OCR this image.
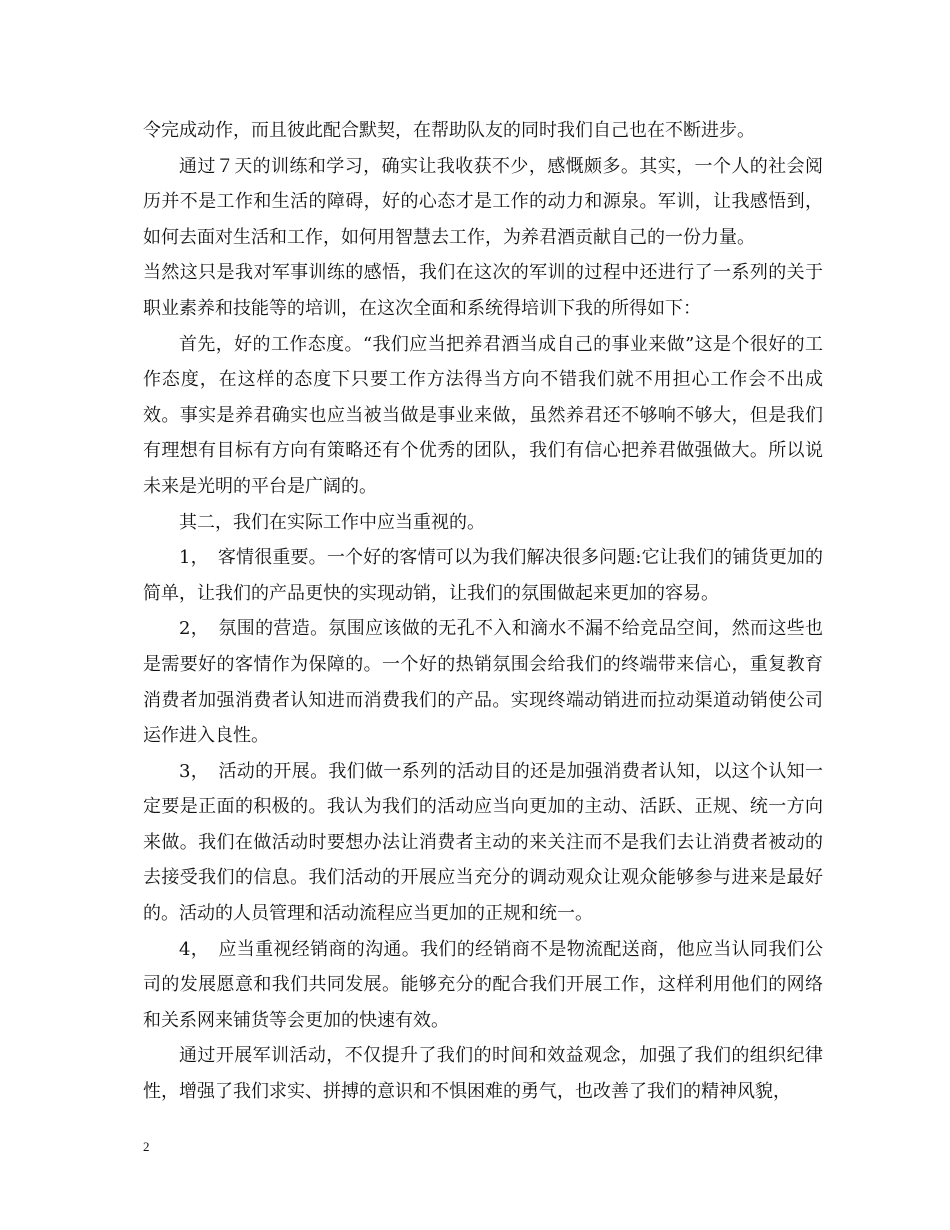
令完成动作，而且彼此配合默契，在帮助队友的同时我们自己也在不断进步。

通过７天的训练和学习，确实让我收获不少，感慨颇多。其实，一个人的社会阅历并不是工作和生活的障碍，好的心态才是工作的动力和源泉。军训，让我感悟到，如何去面对生活和工作，如何用智慧去工作，为养君酒贡献自己的一份力量。

当然这只是我对军事训练的感悟，我们在这次的军训的过程中还进行了一系列的关于职业素养和技能等的培训，在这次全面和系统得培训下我的所得如下：

首先，好的工作态度。“我们应当把养君酒当成自己的事业来做”这是个很好的工作态度，在这样的态度下只要工作方法得当方向不错我们就不用担心工作会不出成效。事实是养君确实也应当被当做是事业来做，虽然养君还不够响不够大，但是我们有理想有目标有方向有策略还有个优秀的团队，我们有信心把养君做强做大。所以说未来是光明的平台是广阔的。

其二，我们在实际工作中应当重视的。

1，　客情很重要。一个好的客情可以为我们解决很多问题:它让我们的铺货更加的简单，让我们的产品更快的实现动销，让我们的氛围做起来更加的容易。

2，　氛围的营造。氛围应该做的无孔不入和滴水不漏不给竞品空间，然而这些也是需要好的客情作为保障的。一个好的热销氛围会给我们的终端带来信心，重复教育消费者加强消费者认知进而消费我们的产品。实现终端动销进而拉动渠道动销使公司运作进入良性。

3，　活动的开展。我们做一系列的活动目的还是加强消费者认知，以这个认知一定要是正面的积极的。我认为我们的活动应当向更加的主动、活跃、正规、统一方向来做。我们在做活动时要想办法让消费者主动的来关注而不是我们去让消费者被动的去接受我们的信息。我们活动的开展应当充分的调动观众让观众能够参与进来是最好的。活动的人员管理和活动流程应当更加的正规和统一。

4，　应当重视经销商的沟通。我们的经销商不是物流配送商，他应当认同我们公司的发展愿意和我们共同发展。能够充分的配合我们开展工作，这样利用他们的网络和关系网来铺货等会更加的快速有效。

通过开展军训活动，不仅提升了我们的时间和效益观念，加强了我们的组织纪律性，增强了我们求实、拼搏的意识和不惧困难的勇气，也改善了我们的精神风貌，

2
